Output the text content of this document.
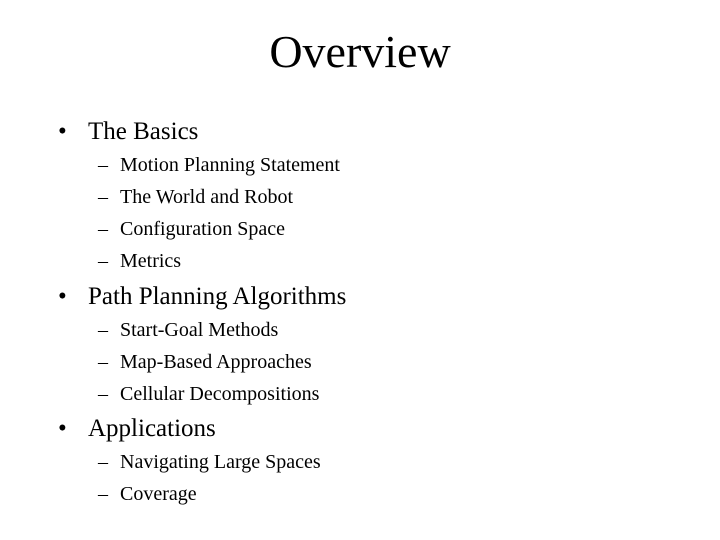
Overview
• The Basics
– Motion Planning Statement
– The World and Robot
– Configuration Space
– Metrics
• Path Planning Algorithms
– Start-Goal Methods
– Map-Based Approaches
– Cellular Decompositions
• Applications
– Navigating Large Spaces
– Coverage
